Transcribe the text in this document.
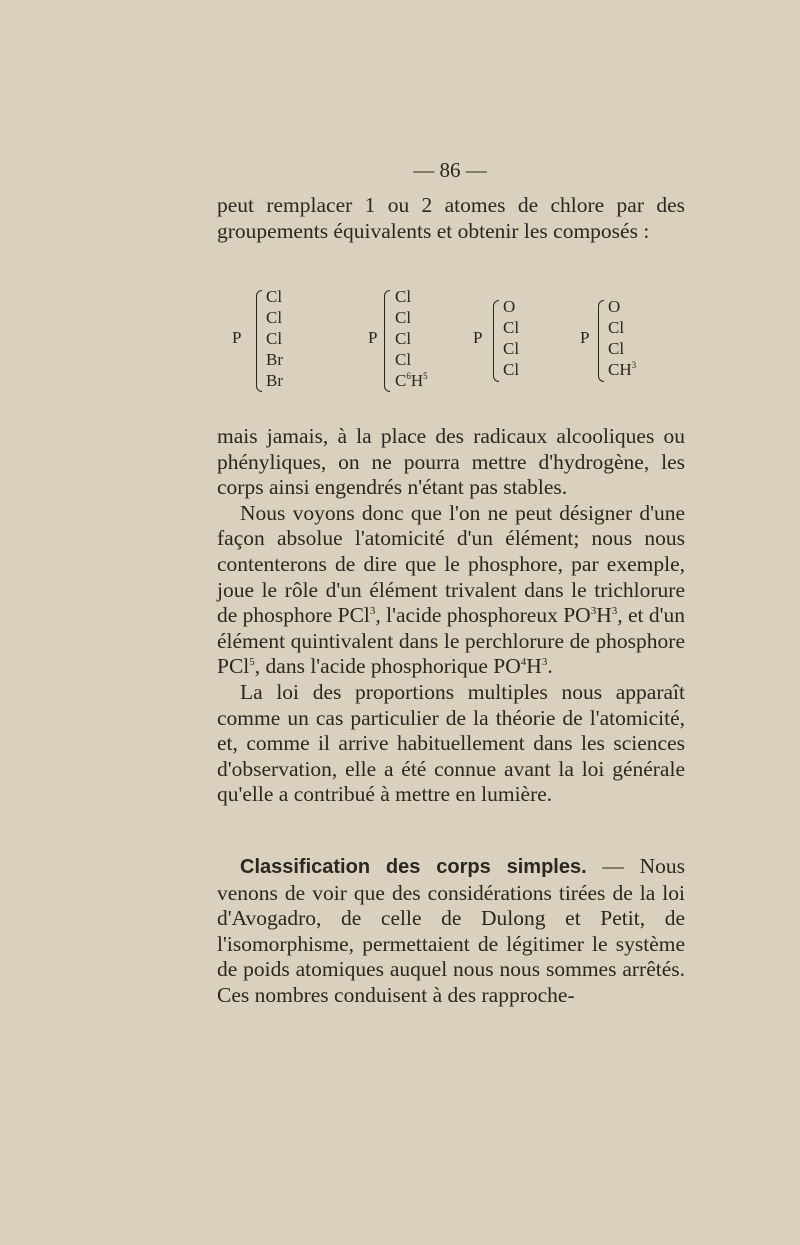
— 86 —

peut remplacer 1 ou 2 atomes de chlore par des groupements équivalents et obtenir les composés :

P
Cl
Cl
Cl
Br
Br
P
Cl
Cl
Cl
Cl
$C^6H^5$
P
O
Cl
Cl
Cl
P
O
Cl
Cl
$CH^3$

mais jamais, à la place des radicaux alcooliques ou phényliques, on ne pourra mettre d'hydrogène, les corps ainsi engendrés n'étant pas stables.

Nous voyons donc que l'on ne peut désigner d'une façon absolue l'atomicité d'un élément; nous nous contenterons de dire que le phosphore, par exemple, joue le rôle d'un élément trivalent dans le trichlorure de phosphore PCl$^3$, l'acide phosphoreux $PO^3H^3$, et d'un élément quintivalent dans le perchlorure de phosphore PCl$^5$, dans l'acide phosphorique $PO^4H^3$.

La loi des proportions multiples nous apparaît comme un cas particulier de la théorie de l'atomicité, et, comme il arrive habituellement dans les sciences d'observation, elle a été connue avant la loi générale qu'elle a contribué à mettre en lumière.

Classification des corps simples. — Nous venons de voir que des considérations tirées de la loi d'Avogadro, de celle de Dulong et Petit, de l'isomorphisme, permettaient de légitimer le système de poids atomiques auquel nous nous sommes arrêtés. Ces nombres conduisent à des rapproche-
